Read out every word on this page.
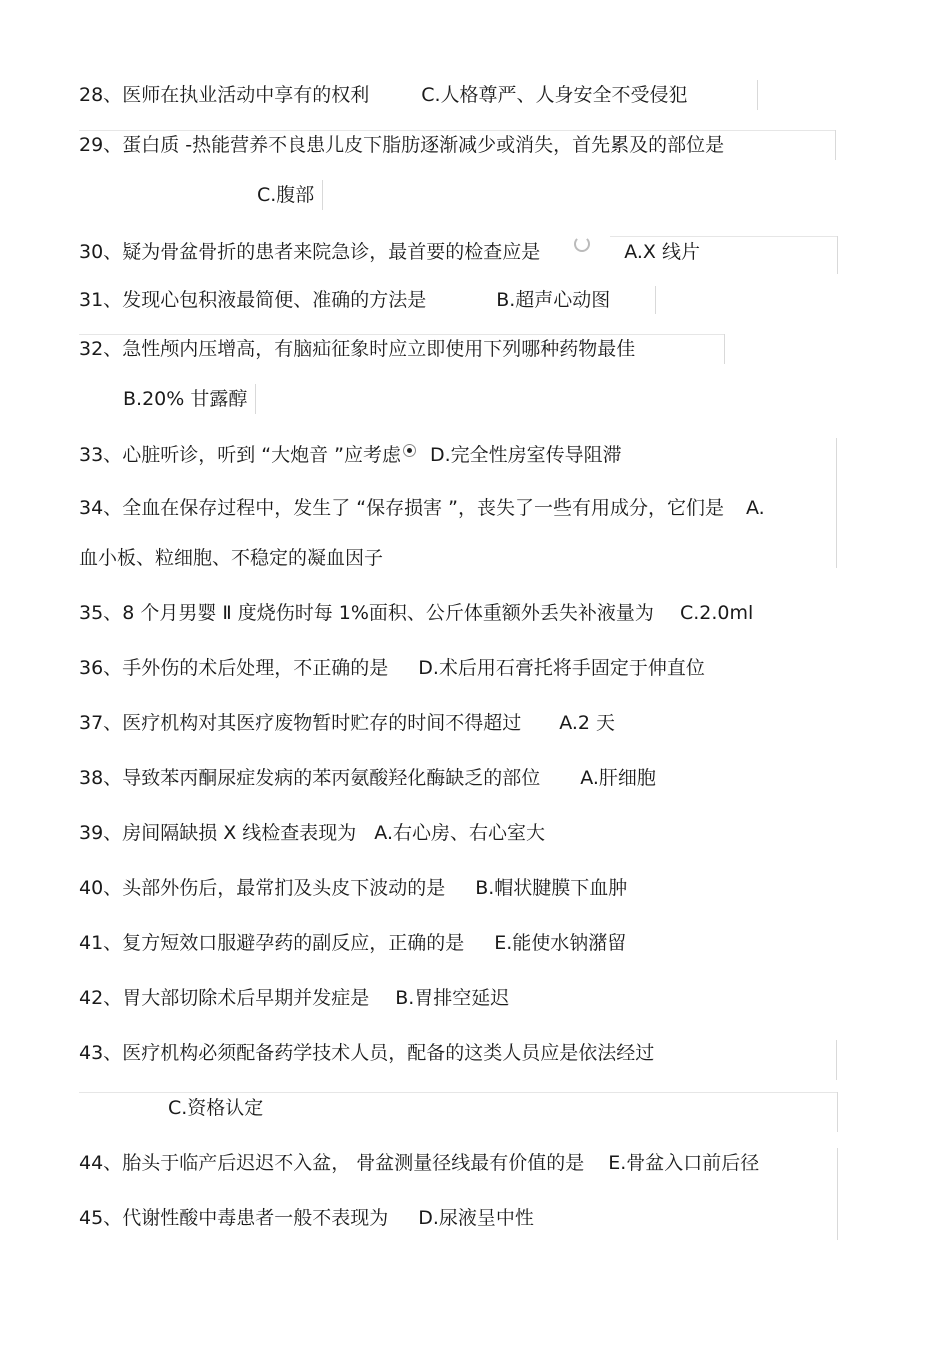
28、医师在执业活动中享有的权利	C.人格尊严、人身安全不受侵犯
29、蛋白质 -热能营养不良患儿皮下脂肪逐渐减少或消失，首先累及的部位是
C.腹部
30、疑为骨盆骨折的患者来院急诊，最首要的检查应是	A.X 线片
31、发现心包积液最简便、准确的方法是	B.超声心动图
32、急性颅内压增高，有脑疝征象时应立即使用下列哪种药物最佳
B.20% 甘露醇
33、心脏听诊，听到 “大炮音 ”应考虑 D.完全性房室传导阻滞
34、全血在保存过程中，发生了 “保存损害 ”，丧失了一些有用成分，它们是 A.
血小板、粒细胞、不稳定的凝血因子
35、8 个月男婴 Ⅱ 度烧伤时每 1%面积、公斤体重额外丢失补液量为 C.2.0ml
36、手外伤的术后处理，不正确的是 D.术后用石膏托将手固定于伸直位
37、医疗机构对其医疗废物暂时贮存的时间不得超过 A.2 天
38、导致苯丙酮尿症发病的苯丙氨酸羟化酶缺乏的部位 A.肝细胞
39、房间隔缺损 X 线检查表现为 A.右心房、右心室大
40、头部外伤后，最常扪及头皮下波动的是 B.帽状腱膜下血肿
41、复方短效口服避孕药的副反应，正确的是 E.能使水钠潴留
42、胃大部切除术后早期并发症是 B.胃排空延迟
43、医疗机构必须配备药学技术人员，配备的这类人员应是依法经过
C.资格认定
44、胎头于临产后迟迟不入盆， 骨盆测量径线最有价值的是 E.骨盆入口前后径
45、代谢性酸中毒患者一般不表现为 D.尿液呈中性
